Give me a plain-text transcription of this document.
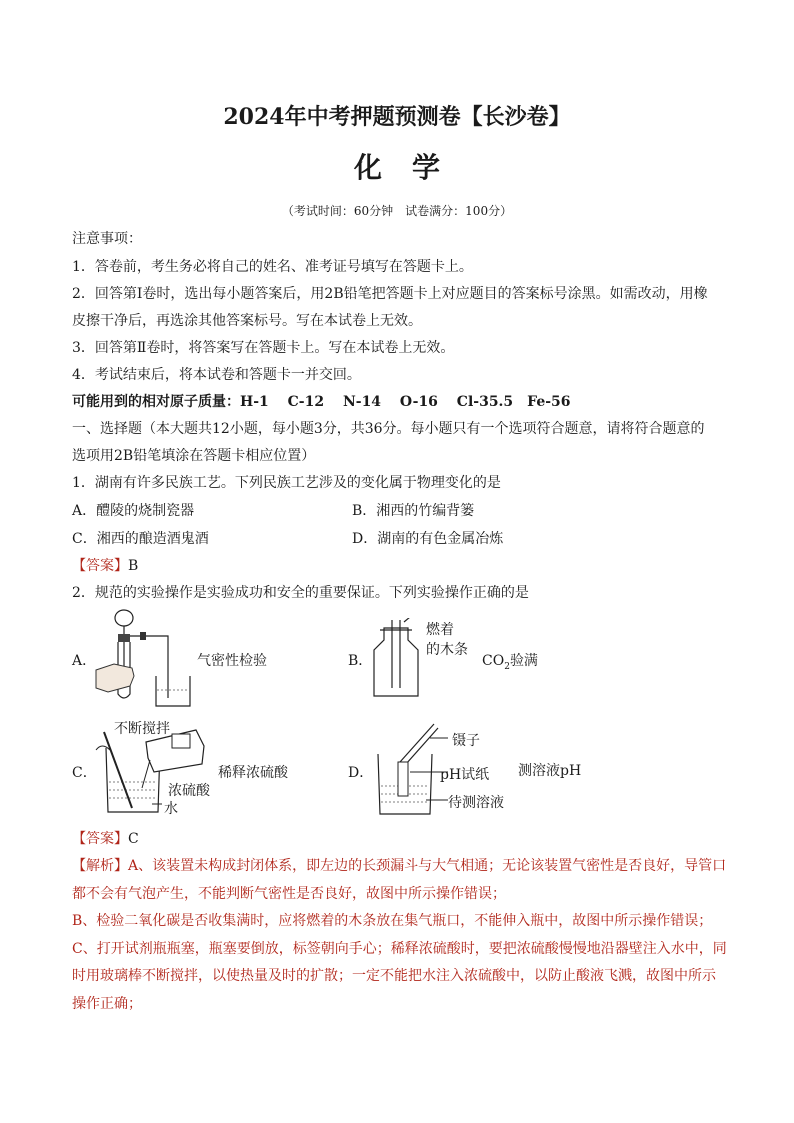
2024年中考押题预测卷【长沙卷】
化学
（考试时间：60分钟　试卷满分：100分）
注意事项：
1．答卷前，考生务必将自己的姓名、准考证号填写在答题卡上。
2．回答第Ⅰ卷时，选出每小题答案后，用2B铅笔把答题卡上对应题目的答案标号涂黑。如需改动，用橡
皮擦干净后，再选涂其他答案标号。写在本试卷上无效。
3．回答第Ⅱ卷时，将答案写在答题卡上。写在本试卷上无效。
4．考试结束后，将本试卷和答题卡一并交回。
可能用到的相对原子质量：H-1　 C-12　 N-14　 O-16　 Cl-35.5　Fe-56
一、选择题（本大题共12小题，每小题3分，共36分。每小题只有一个选项符合题意，请将符合题意的
选项用2B铅笔填涂在答题卡相应位置）
1．湖南有许多民族工艺。下列民族工艺涉及的变化属于物理变化的是
A．醴陵的烧制瓷器	B．湘西的竹编背篓
C．湘西的酿造酒鬼酒	D．湖南的有色金属冶炼
【答案】B
2．规范的实验操作是实验成功和安全的重要保证。下列实验操作正确的是
A．	气密性检验	B．
燃着
的木条
$CO_2$验满
C．
不断搅拌
稀释浓硫酸
浓硫酸
水
D．
镊子
pH试纸
待测溶液
测溶液pH
【答案】C
【解析】A、该装置未构成封闭体系，即左边的长颈漏斗与大气相通；无论该装置气密性是否良好，导管口
都不会有气泡产生，不能判断气密性是否良好，故图中所示操作错误；
B、检验二氧化碳是否收集满时，应将燃着的木条放在集气瓶口，不能伸入瓶中，故图中所示操作错误；
C、打开试剂瓶瓶塞，瓶塞要倒放，标签朝向手心；稀释浓硫酸时，要把浓硫酸慢慢地沿器壁注入水中，同
时用玻璃棒不断搅拌，以使热量及时的扩散；一定不能把水注入浓硫酸中，以防止酸液飞溅，故图中所示
操作正确；
